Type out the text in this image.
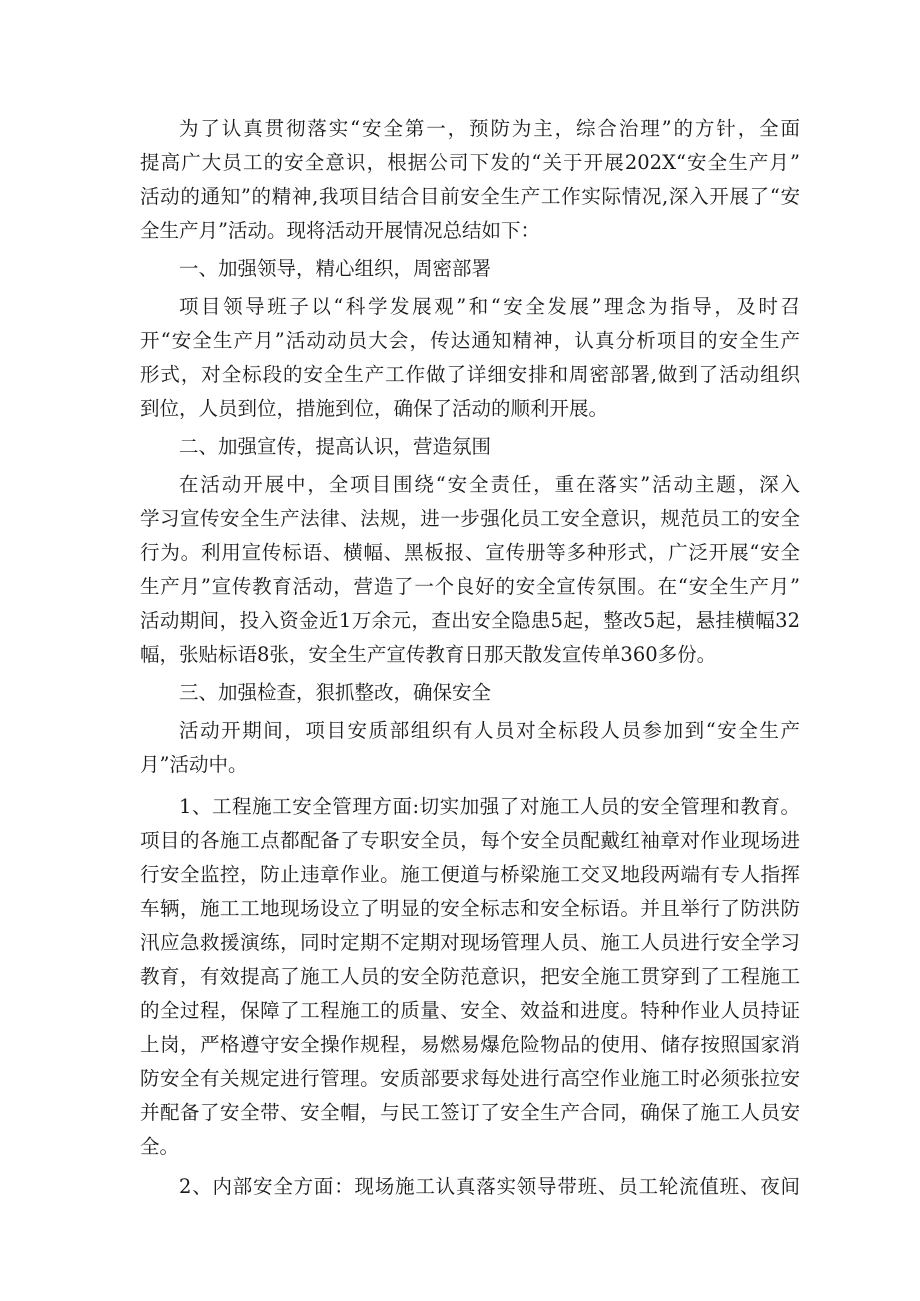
为了认真贯彻落实“安全第一，预防为主，综合治理”的方针，全面
提高广大员工的安全意识，根据公司下发的“关于开展202X“安全生产月”
活动的通知”的精神,我项目结合目前安全生产工作实际情况,深入开展了“安
全生产月”活动。现将活动开展情况总结如下：
一、加强领导，精心组织，周密部署
项目领导班子以“科学发展观”和“安全发展”理念为指导，及时召
开“安全生产月”活动动员大会，传达通知精神，认真分析项目的安全生产
形式，对全标段的安全生产工作做了详细安排和周密部署,做到了活动组织
到位，人员到位，措施到位，确保了活动的顺利开展。
二、加强宣传，提高认识，营造氛围
在活动开展中，全项目围绕“安全责任，重在落实”活动主题，深入
学习宣传安全生产法律、法规，进一步强化员工安全意识，规范员工的安全
行为。利用宣传标语、横幅、黑板报、宣传册等多种形式，广泛开展“安全
生产月”宣传教育活动，营造了一个良好的安全宣传氛围。在“安全生产月”
活动期间，投入资金近1万余元，查出安全隐患5起，整改5起，悬挂横幅32
幅，张贴标语8张，安全生产宣传教育日那天散发宣传单360多份。
三、加强检查，狠抓整改，确保安全
活动开期间，项目安质部组织有人员对全标段人员参加到“安全生产
月”活动中。
1、工程施工安全管理方面:切实加强了对施工人员的安全管理和教育。
项目的各施工点都配备了专职安全员，每个安全员配戴红袖章对作业现场进
行安全监控，防止违章作业。施工便道与桥梁施工交叉地段两端有专人指挥
车辆，施工工地现场设立了明显的安全标志和安全标语。并且举行了防洪防
汛应急救援演练，同时定期不定期对现场管理人员、施工人员进行安全学习
教育，有效提高了施工人员的安全防范意识，把安全施工贯穿到了工程施工
的全过程，保障了工程施工的质量、安全、效益和进度。特种作业人员持证
上岗，严格遵守安全操作规程，易燃易爆危险物品的使用、储存按照国家消
防安全有关规定进行管理。安质部要求每处进行高空作业施工时必须张拉安
并配备了安全带、安全帽，与民工签订了安全生产合同，确保了施工人员安
全。
2、内部安全方面：现场施工认真落实领导带班、员工轮流值班、夜间
